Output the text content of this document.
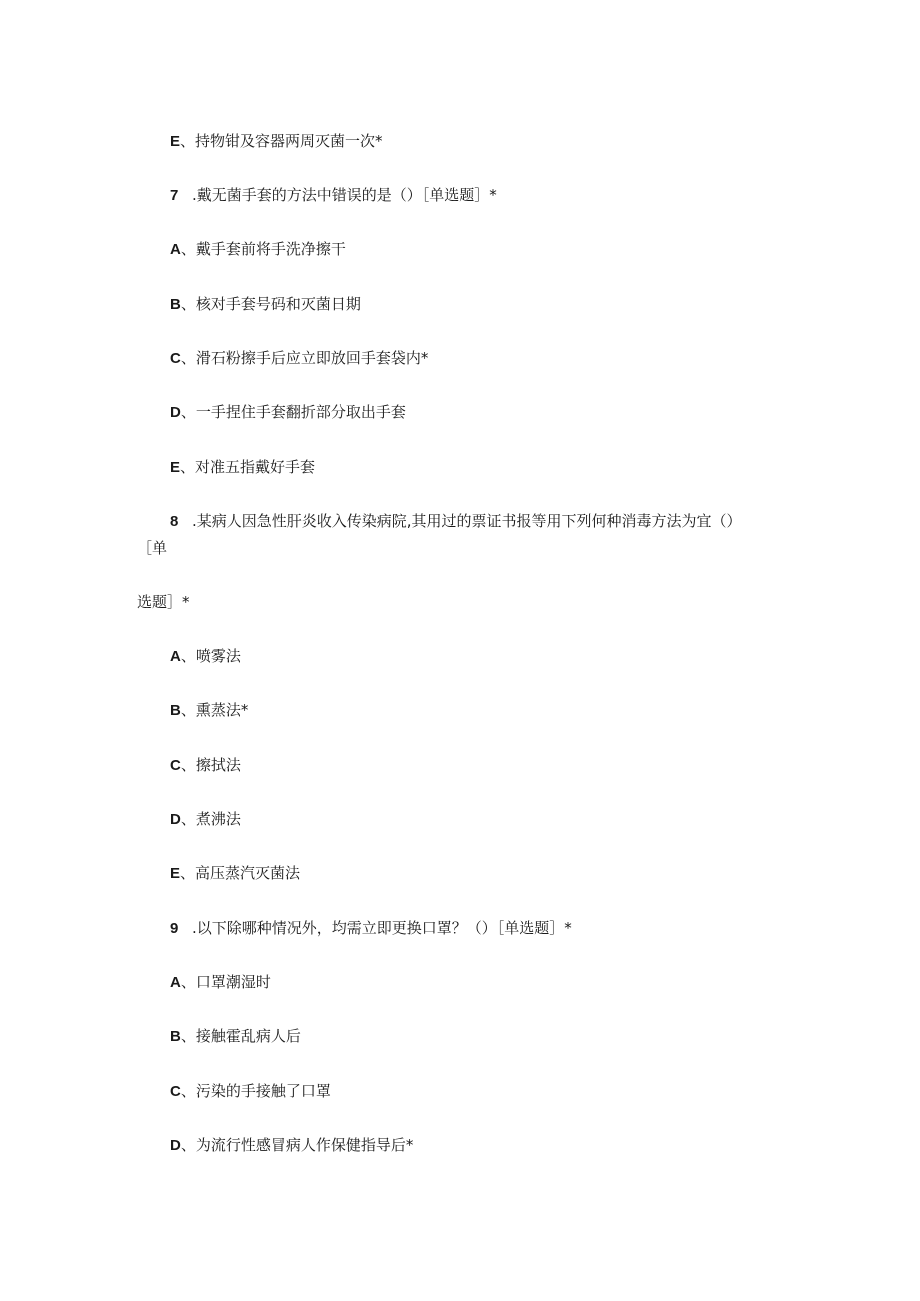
E、持物钳及容器两周灭菌一次*
7 .戴无菌手套的方法中错误的是（）［单选题］*
A、戴手套前将手洗净擦干
B、核对手套号码和灭菌日期
C、滑石粉擦手后应立即放回手套袋内*
D、一手捏住手套翻折部分取出手套
E、对准五指戴好手套
8 .某病人因急性肝炎收入传染病院,其用过的票证书报等用下列何种消毒方法为宜（）
［单
选题］*
A、喷雾法
B、熏蒸法*
C、擦拭法
D、煮沸法
E、高压蒸汽灭菌法
9 .以下除哪种情况外，均需立即更换口罩？（）［单选题］*
A、口罩潮湿时
B、接触霍乱病人后
C、污染的手接触了口罩
D、为流行性感冒病人作保健指导后*
